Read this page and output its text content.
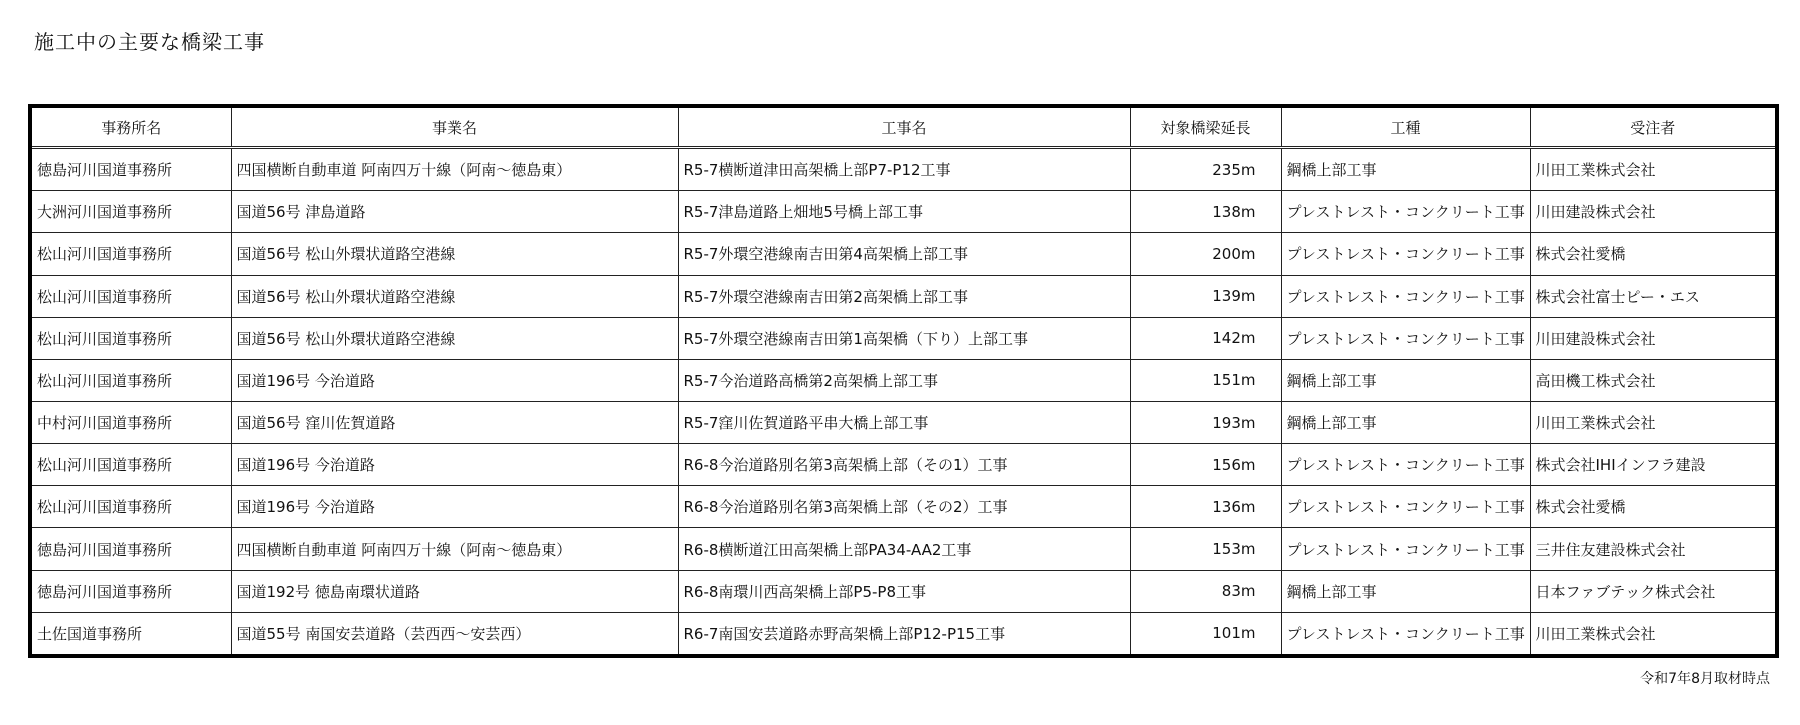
施工中の主要な橋梁工事
事務所名	事業名	工事名	対象橋梁延長	工種	受注者
徳島河川国道事務所	四国横断自動車道 阿南四万十線（阿南～徳島東）	R5-7横断道津田高架橋上部P7-P12工事	235m	鋼橋上部工事	川田工業株式会社
大洲河川国道事務所	国道56号 津島道路	R5-7津島道路上畑地5号橋上部工事	138m	プレストレスト・コンクリート工事	川田建設株式会社
松山河川国道事務所	国道56号 松山外環状道路空港線	R5-7外環空港線南吉田第4高架橋上部工事	200m	プレストレスト・コンクリート工事	株式会社愛橋
松山河川国道事務所	国道56号 松山外環状道路空港線	R5-7外環空港線南吉田第2高架橋上部工事	139m	プレストレスト・コンクリート工事	株式会社富士ピー・エス
松山河川国道事務所	国道56号 松山外環状道路空港線	R5-7外環空港線南吉田第1高架橋（下り）上部工事	142m	プレストレスト・コンクリート工事	川田建設株式会社
松山河川国道事務所	国道196号 今治道路	R5-7今治道路高橋第2高架橋上部工事	151m	鋼橋上部工事	高田機工株式会社
中村河川国道事務所	国道56号 窪川佐賀道路	R5-7窪川佐賀道路平串大橋上部工事	193m	鋼橋上部工事	川田工業株式会社
松山河川国道事務所	国道196号 今治道路	R6-8今治道路別名第3高架橋上部（その1）工事	156m	プレストレスト・コンクリート工事	株式会社IHIインフラ建設
松山河川国道事務所	国道196号 今治道路	R6-8今治道路別名第3高架橋上部（その2）工事	136m	プレストレスト・コンクリート工事	株式会社愛橋
徳島河川国道事務所	四国横断自動車道 阿南四万十線（阿南～徳島東）	R6-8横断道江田高架橋上部PA34-AA2工事	153m	プレストレスト・コンクリート工事	三井住友建設株式会社
徳島河川国道事務所	国道192号 徳島南環状道路	R6-8南環川西高架橋上部P5-P8工事	83m	鋼橋上部工事	日本ファブテック株式会社
土佐国道事務所	国道55号 南国安芸道路（芸西西～安芸西）	R6-7南国安芸道路赤野高架橋上部P12-P15工事	101m	プレストレスト・コンクリート工事	川田工業株式会社
令和7年8月取材時点
